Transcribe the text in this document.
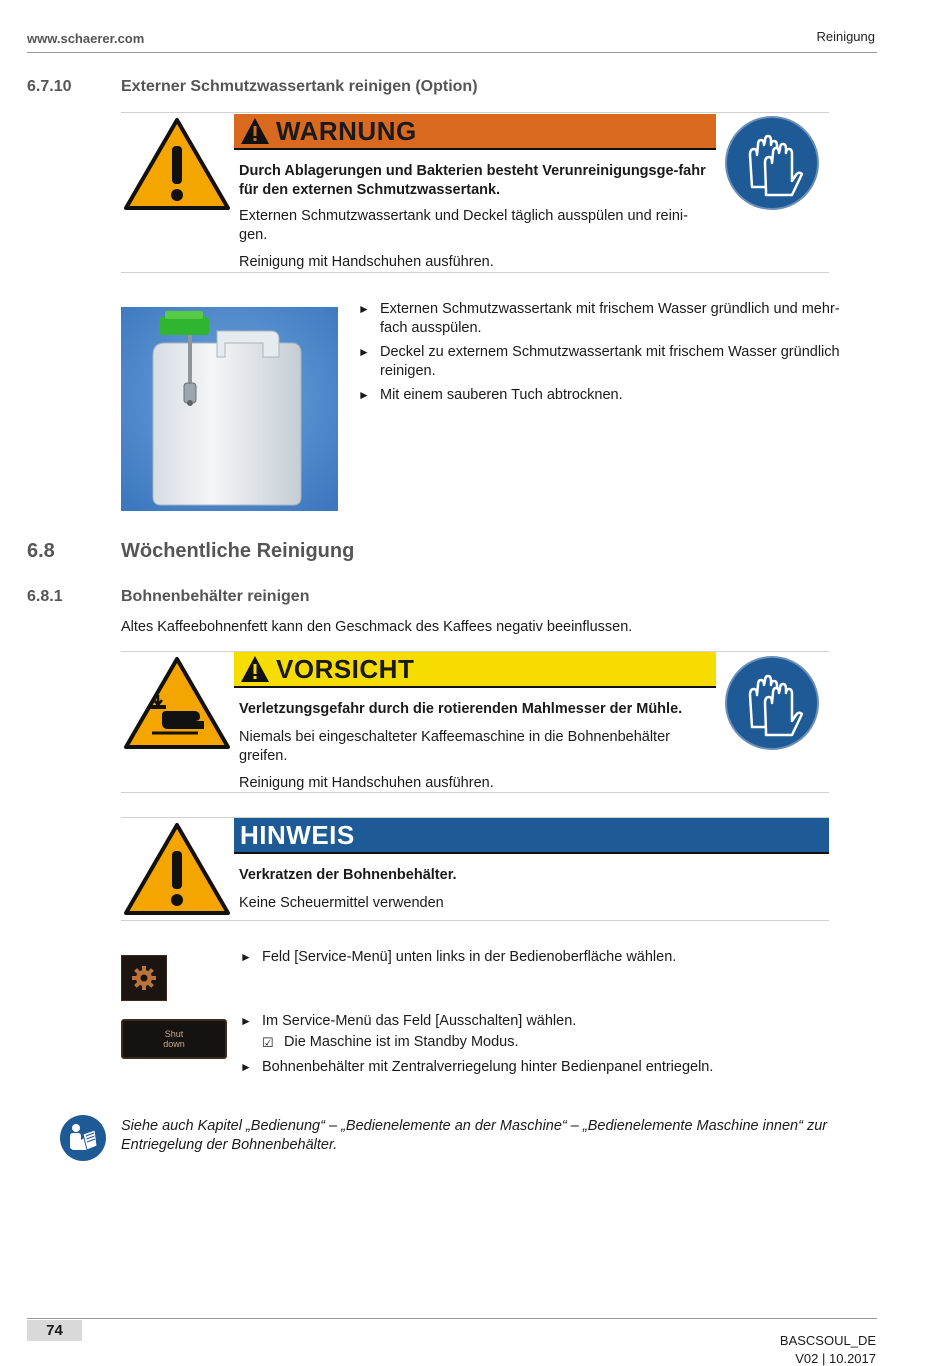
www.schaerer.com	Reinigung
6.7.10	Externer Schmutzwassertank reinigen (Option)
WARNUNG
Durch Ablagerungen und Bakterien besteht Verunreinigungsge-fahr für den externen Schmutzwassertank.
Externen Schmutzwassertank und Deckel täglich ausspülen und reini-gen.
Reinigung mit Handschuhen ausführen.
► Externen Schmutzwassertank mit frischem Wasser gründlich und mehr-fach ausspülen.
► Deckel zu externem Schmutzwassertank mit frischem Wasser gründlich reinigen.
► Mit einem sauberen Tuch abtrocknen.
6.8	Wöchentliche Reinigung
6.8.1	Bohnenbehälter reinigen
Altes Kaffeebohnenfett kann den Geschmack des Kaffees negativ beeinflussen.
VORSICHT
Verletzungsgefahr durch die rotierenden Mahlmesser der Mühle.
Niemals bei eingeschalteter Kaffeemaschine in die Bohnenbehälter greifen.
Reinigung mit Handschuhen ausführen.
HINWEIS
Verkratzen der Bohnenbehälter.
Keine Scheuermittel verwenden
Shut
down
► Feld [Service-Menü] unten links in der Bedienoberfläche wählen.
► Im Service-Menü das Feld [Ausschalten] wählen.
☑ Die Maschine ist im Standby Modus.
► Bohnenbehälter mit Zentralverriegelung hinter Bedienpanel entriegeln.
Siehe auch Kapitel „Bedienung“ – „Bedienelemente an der Maschine“ – „Bedienelemente Maschine innen“ zur Entriegelung der Bohnenbehälter.
74
BASCSOUL_DE
V02 | 10.2017
